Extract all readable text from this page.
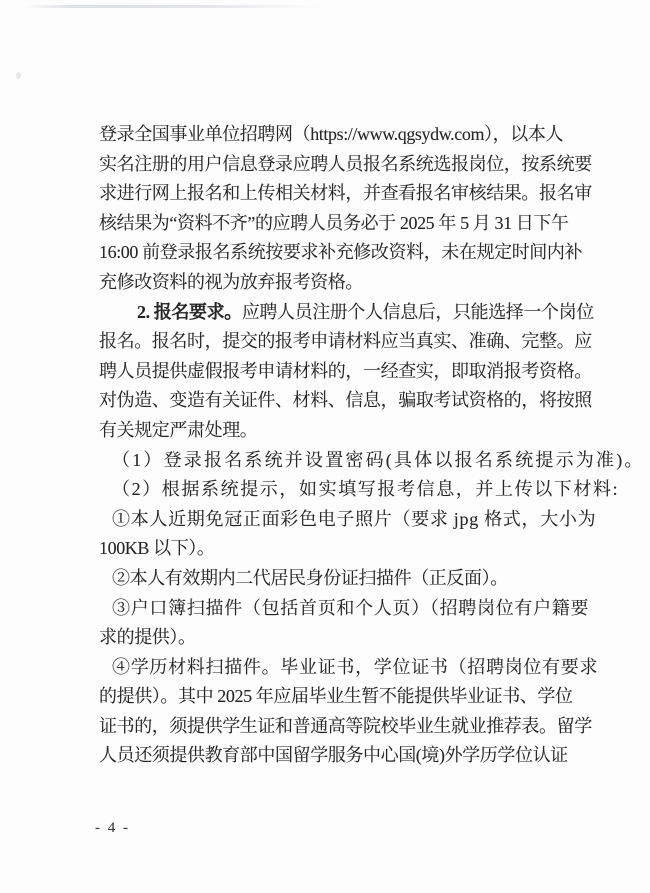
登录全国事业单位招聘网（https://www.qgsydw.com），以本人
实名注册的用户信息登录应聘人员报名系统选报岗位，按系统要
求进行网上报名和上传相关材料，并查看报名审核结果。报名审
核结果为“资料不齐”的应聘人员务必于 2025 年 5 月 31 日下午
16:00 前登录报名系统按要求补充修改资料，未在规定时间内补
充修改资料的视为放弃报考资格。
2. 报名要求。应聘人员注册个人信息后，只能选择一个岗位
报名。报名时，提交的报考申请材料应当真实、准确、完整。应
聘人员提供虚假报考申请材料的，一经查实，即取消报考资格。
对伪造、变造有关证件、材料、信息，骗取考试资格的，将按照
有关规定严肃处理。
（1）登录报名系统并设置密码(具体以报名系统提示为准)。
（2）根据系统提示，如实填写报考信息，并上传以下材料:
①本人近期免冠正面彩色电子照片（要求 jpg 格式，大小为
100KB 以下）。
②本人有效期内二代居民身份证扫描件（正反面）。
③户口簿扫描件（包括首页和个人页）（招聘岗位有户籍要
求的提供）。
④学历材料扫描件。毕业证书，学位证书（招聘岗位有要求
的提供）。其中 2025 年应届毕业生暂不能提供毕业证书、学位
证书的，须提供学生证和普通高等院校毕业生就业推荐表。留学
人员还须提供教育部中国留学服务中心国(境)外学历学位认证
- 4 -
